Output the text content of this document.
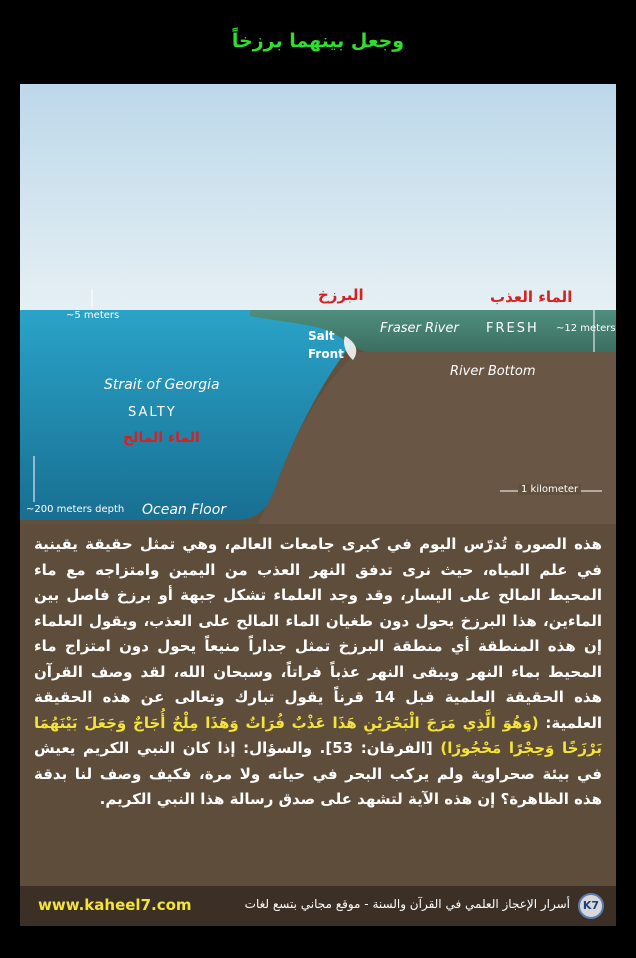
وجعل بينهما برزخاً
البرزخ	الماء العذب
~5 meters
~12 meters
Salt
Front
Fraser River FRESH
River Bottom
Strait of Georgia
SALTY
الماء المالح
~200 meters depth Ocean Floor
1 kilometer

هذه الصورة تُدرّس اليوم في كبرى جامعات العالم، وهي تمثل حقيقة يقينية في علم المياه، حيث نرى تدفق النهر العذب من اليمين وامتزاجه مع ماء المحيط المالح على اليسار، وقد وجد العلماء تشكل جبهة أو برزخ فاصل بين الماءين، هذا البرزخ يحول دون طغيان الماء المالح على العذب، ويقول العلماء إن هذه المنطقة أي منطقة البرزخ تمثل جداراً منيعاً يحول دون امتزاج ماء المحيط بماء النهر ويبقى النهر عذباً فراتاً، وسبحان الله، لقد وصف القرآن هذه الحقيقة العلمية قبل 14 قرناً يقول تبارك وتعالى عن هذه الحقيقة العلمية: (وَهُوَ الَّذِي مَرَجَ الْبَحْرَيْنِ هَذَا عَذْبٌ فُرَاتٌ وَهَذَا مِلْحٌ أُجَاجٌ وَجَعَلَ بَيْنَهُمَا بَرْزَخًا وَحِجْرًا مَحْجُورًا) [الفرقان: 53]. والسؤال: إذا كان النبي الكريم يعيش في بيئة صحراوية ولم يركب البحر في حياته ولا مرة، فكيف وصف لنا بدقة هذه الظاهرة؟ إن هذه الآية لتشهد على صدق رسالة هذا النبي الكريم.

www.kaheel7.com	أسرار الإعجاز العلمي في القرآن والسنة - موقع مجاني بتسع لغات	K7
